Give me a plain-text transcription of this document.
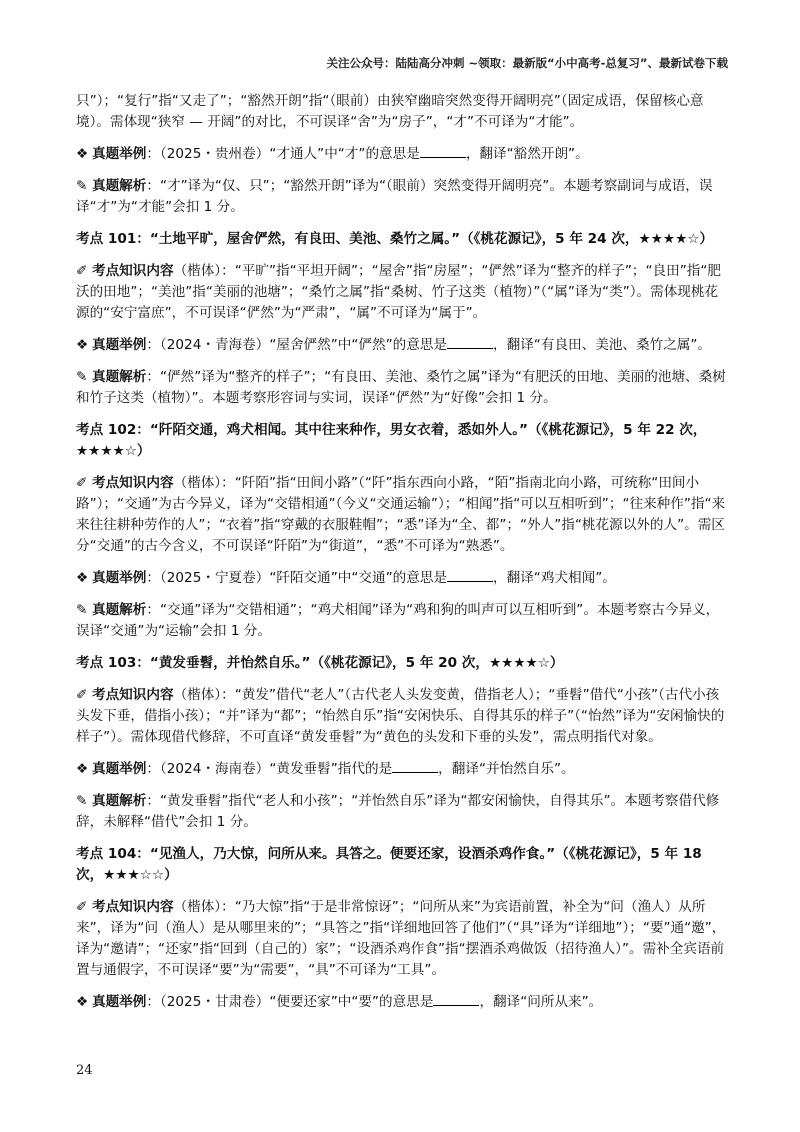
关注公众号：陆陆高分冲刺 ~领取：最新版“小中高考-总复习”、最新试卷下载

只”）；“复行”指“又走了”；“豁然开朗”指“（眼前）由狭窄幽暗突然变得开阔明亮”（固定成语，保留核心意境）。需体现“狭窄 — 开阔”的对比，不可误译“舍”为“房子”，“才”不可译为“才能”。

❖ 真题举例：（2025・贵州卷）“才通人”中“才”的意思是	，翻译“豁然开朗”。

✎ 真题解析：“才”译为“仅、只”；“豁然开朗”译为“（眼前）突然变得开阔明亮”。本题考察副词与成语，误译“才”为“才能”会扣 1 分。

考点 101：“土地平旷，屋舍俨然，有良田、美池、桑竹之属。”（《桃花源记》，5 年 24 次，★★★★☆）

✐ 考点知识内容（楷体）：“平旷”指“平坦开阔”；“屋舍”指“房屋”；“俨然”译为“整齐的样子”；“良田”指“肥沃的田地”；“美池”指“美丽的池塘”；“桑竹之属”指“桑树、竹子这类（植物）”（“属”译为“类”）。需体现桃花源的“安宁富庶”，不可误译“俨然”为“严肃”，“属”不可译为“属于”。

❖ 真题举例：（2024・青海卷）“屋舍俨然”中“俨然”的意思是	，翻译“有良田、美池、桑竹之属”。

✎ 真题解析：“俨然”译为“整齐的样子”；“有良田、美池、桑竹之属”译为“有肥沃的田地、美丽的池塘、桑树和竹子这类（植物）”。本题考察形容词与实词，误译“俨然”为“好像”会扣 1 分。

考点 102：“阡陌交通，鸡犬相闻。其中往来种作，男女衣着，悉如外人。”（《桃花源记》，5 年 22 次，★★★★☆）

✐ 考点知识内容（楷体）：“阡陌”指“田间小路”（“阡”指东西向小路，“陌”指南北向小路，可统称“田间小路”）；“交通”为古今异义，译为“交错相通”（今义“交通运输”）；“相闻”指“可以互相听到”；“往来种作”指“来来往往耕种劳作的人”；“衣着”指“穿戴的衣服鞋帽”；“悉”译为“全、都”；“外人”指“桃花源以外的人”。需区分“交通”的古今含义，不可误译“阡陌”为“街道”，“悉”不可译为“熟悉”。

❖ 真题举例：（2025・宁夏卷）“阡陌交通”中“交通”的意思是	，翻译“鸡犬相闻”。

✎ 真题解析：“交通”译为“交错相通”；“鸡犬相闻”译为“鸡和狗的叫声可以互相听到”。本题考察古今异义，误译“交通”为“运输”会扣 1 分。

考点 103：“黄发垂髫，并怡然自乐。”（《桃花源记》，5 年 20 次，★★★★☆）

✐ 考点知识内容（楷体）：“黄发”借代“老人”（古代老人头发变黄，借指老人）；“垂髫”借代“小孩”（古代小孩头发下垂，借指小孩）；“并”译为“都”；“怡然自乐”指“安闲快乐、自得其乐的样子”（“怡然”译为“安闲愉快的样子”）。需体现借代修辞，不可直译“黄发垂髫”为“黄色的头发和下垂的头发”，需点明指代对象。

❖ 真题举例：（2024・海南卷）“黄发垂髫”指代的是	，翻译“并怡然自乐”。

✎ 真题解析：“黄发垂髫”指代“老人和小孩”；“并怡然自乐”译为“都安闲愉快，自得其乐”。本题考察借代修辞，未解释“借代”会扣 1 分。

考点 104：“见渔人，乃大惊，问所从来。具答之。便要还家，设酒杀鸡作食。”（《桃花源记》，5 年 18 次，★★★☆☆）

✐ 考点知识内容（楷体）：“乃大惊”指“于是非常惊讶”；“问所从来”为宾语前置，补全为“问（渔人）从所来”，译为“问（渔人）是从哪里来的”；“具答之”指“详细地回答了他们”（“具”译为“详细地”）；“要”通“邀”，译为“邀请”；“还家”指“回到（自己的）家”；“设酒杀鸡作食”指“摆酒杀鸡做饭（招待渔人）”。需补全宾语前置与通假字，不可误译“要”为“需要”，“具”不可译为“工具”。

❖ 真题举例：（2025・甘肃卷）“便要还家”中“要”的意思是	，翻译“问所从来”。

24
